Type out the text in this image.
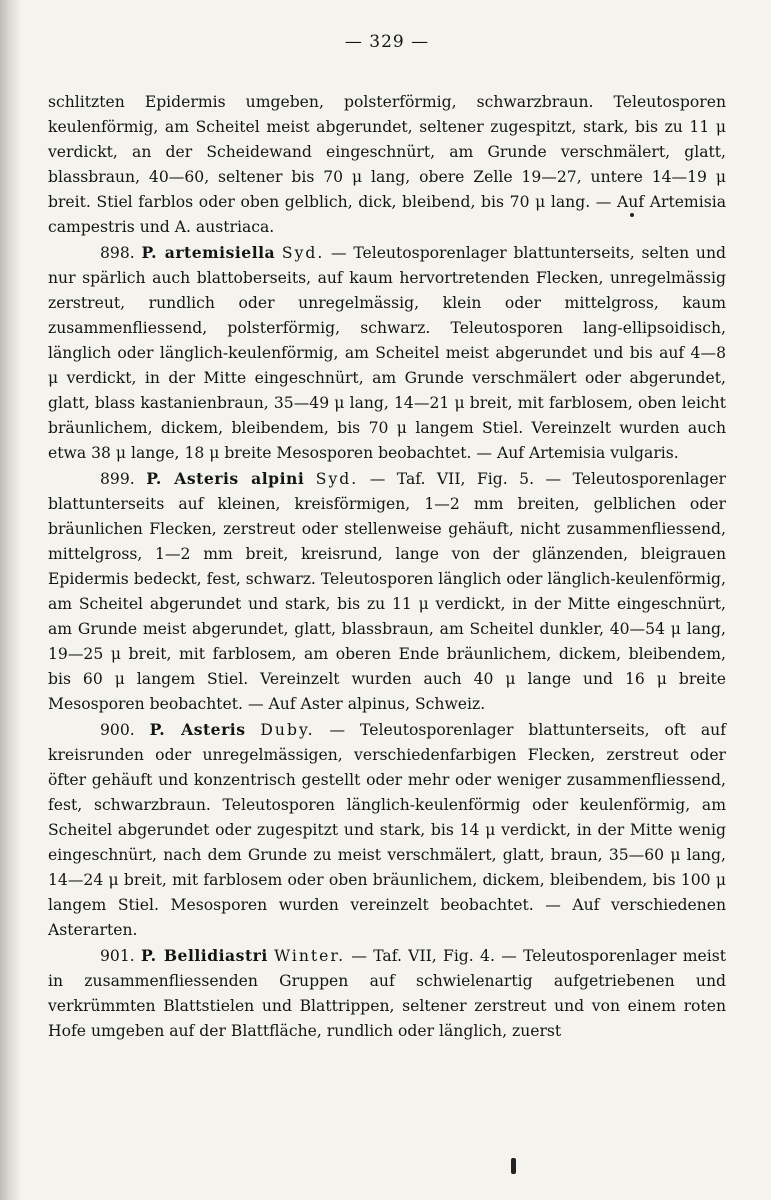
— 329 —

schlitzten Epidermis umgeben, polsterförmig, schwarzbraun. Teleutosporen keulenförmig, am Scheitel meist abgerundet, seltener zugespitzt, stark, bis zu 11 μ verdickt, an der Scheidewand eingeschnürt, am Grunde verschmälert, glatt, blassbraun, 40—60, seltener bis 70 μ lang, obere Zelle 19—27, untere 14—19 μ breit. Stiel farblos oder oben gelblich, dick, bleibend, bis 70 μ lang. — Auf Artemisia campestris und A. austriaca.

898. P. artemisiella Syd. — Teleutosporenlager blattunterseits, selten und nur spärlich auch blattoberseits, auf kaum hervortretenden Flecken, unregelmässig zerstreut, rundlich oder unregelmässig, klein oder mittelgross, kaum zusammenfliessend, polsterförmig, schwarz. Teleutosporen lang-ellipsoidisch, länglich oder länglich-keulenförmig, am Scheitel meist abgerundet und bis auf 4—8 μ verdickt, in der Mitte eingeschnürt, am Grunde verschmälert oder abgerundet, glatt, blass kastanienbraun, 35—49 μ lang, 14—21 μ breit, mit farblosem, oben leicht bräunlichem, dickem, bleibendem, bis 70 μ langem Stiel. Vereinzelt wurden auch etwa 38 μ lange, 18 μ breite Mesosporen beobachtet. — Auf Artemisia vulgaris.

899. P. Asteris alpini Syd. — Taf. VII, Fig. 5. — Teleutosporenlager blattunterseits auf kleinen, kreisförmigen, 1—2 mm breiten, gelblichen oder bräunlichen Flecken, zerstreut oder stellenweise gehäuft, nicht zusammenfliessend, mittelgross, 1—2 mm breit, kreisrund, lange von der glänzenden, bleigrauen Epidermis bedeckt, fest, schwarz. Teleutosporen länglich oder länglich-keulenförmig, am Scheitel abgerundet und stark, bis zu 11 μ verdickt, in der Mitte eingeschnürt, am Grunde meist abgerundet, glatt, blassbraun, am Scheitel dunkler, 40—54 μ lang, 19—25 μ breit, mit farblosem, am oberen Ende bräunlichem, dickem, bleibendem, bis 60 μ langem Stiel. Vereinzelt wurden auch 40 μ lange und 16 μ breite Mesosporen beobachtet. — Auf Aster alpinus, Schweiz.

900. P. Asteris Duby. — Teleutosporenlager blattunterseits, oft auf kreisrunden oder unregelmässigen, verschiedenfarbigen Flecken, zerstreut oder öfter gehäuft und konzentrisch gestellt oder mehr oder weniger zusammenfliessend, fest, schwarzbraun. Teleutosporen länglich-keulenförmig oder keulenförmig, am Scheitel abgerundet oder zugespitzt und stark, bis 14 μ verdickt, in der Mitte wenig eingeschnürt, nach dem Grunde zu meist verschmälert, glatt, braun, 35—60 μ lang, 14—24 μ breit, mit farblosem oder oben bräunlichem, dickem, bleibendem, bis 100 μ langem Stiel. Mesosporen wurden vereinzelt beobachtet. — Auf verschiedenen Asterarten.

901. P. Bellidiastri Winter. — Taf. VII, Fig. 4. — Teleutosporenlager meist in zusammenfliessenden Gruppen auf schwielenartig aufgetriebenen und verkrümmten Blattstielen und Blattrippen, seltener zerstreut und von einem roten Hofe umgeben auf der Blattfläche, rundlich oder länglich, zuerst
